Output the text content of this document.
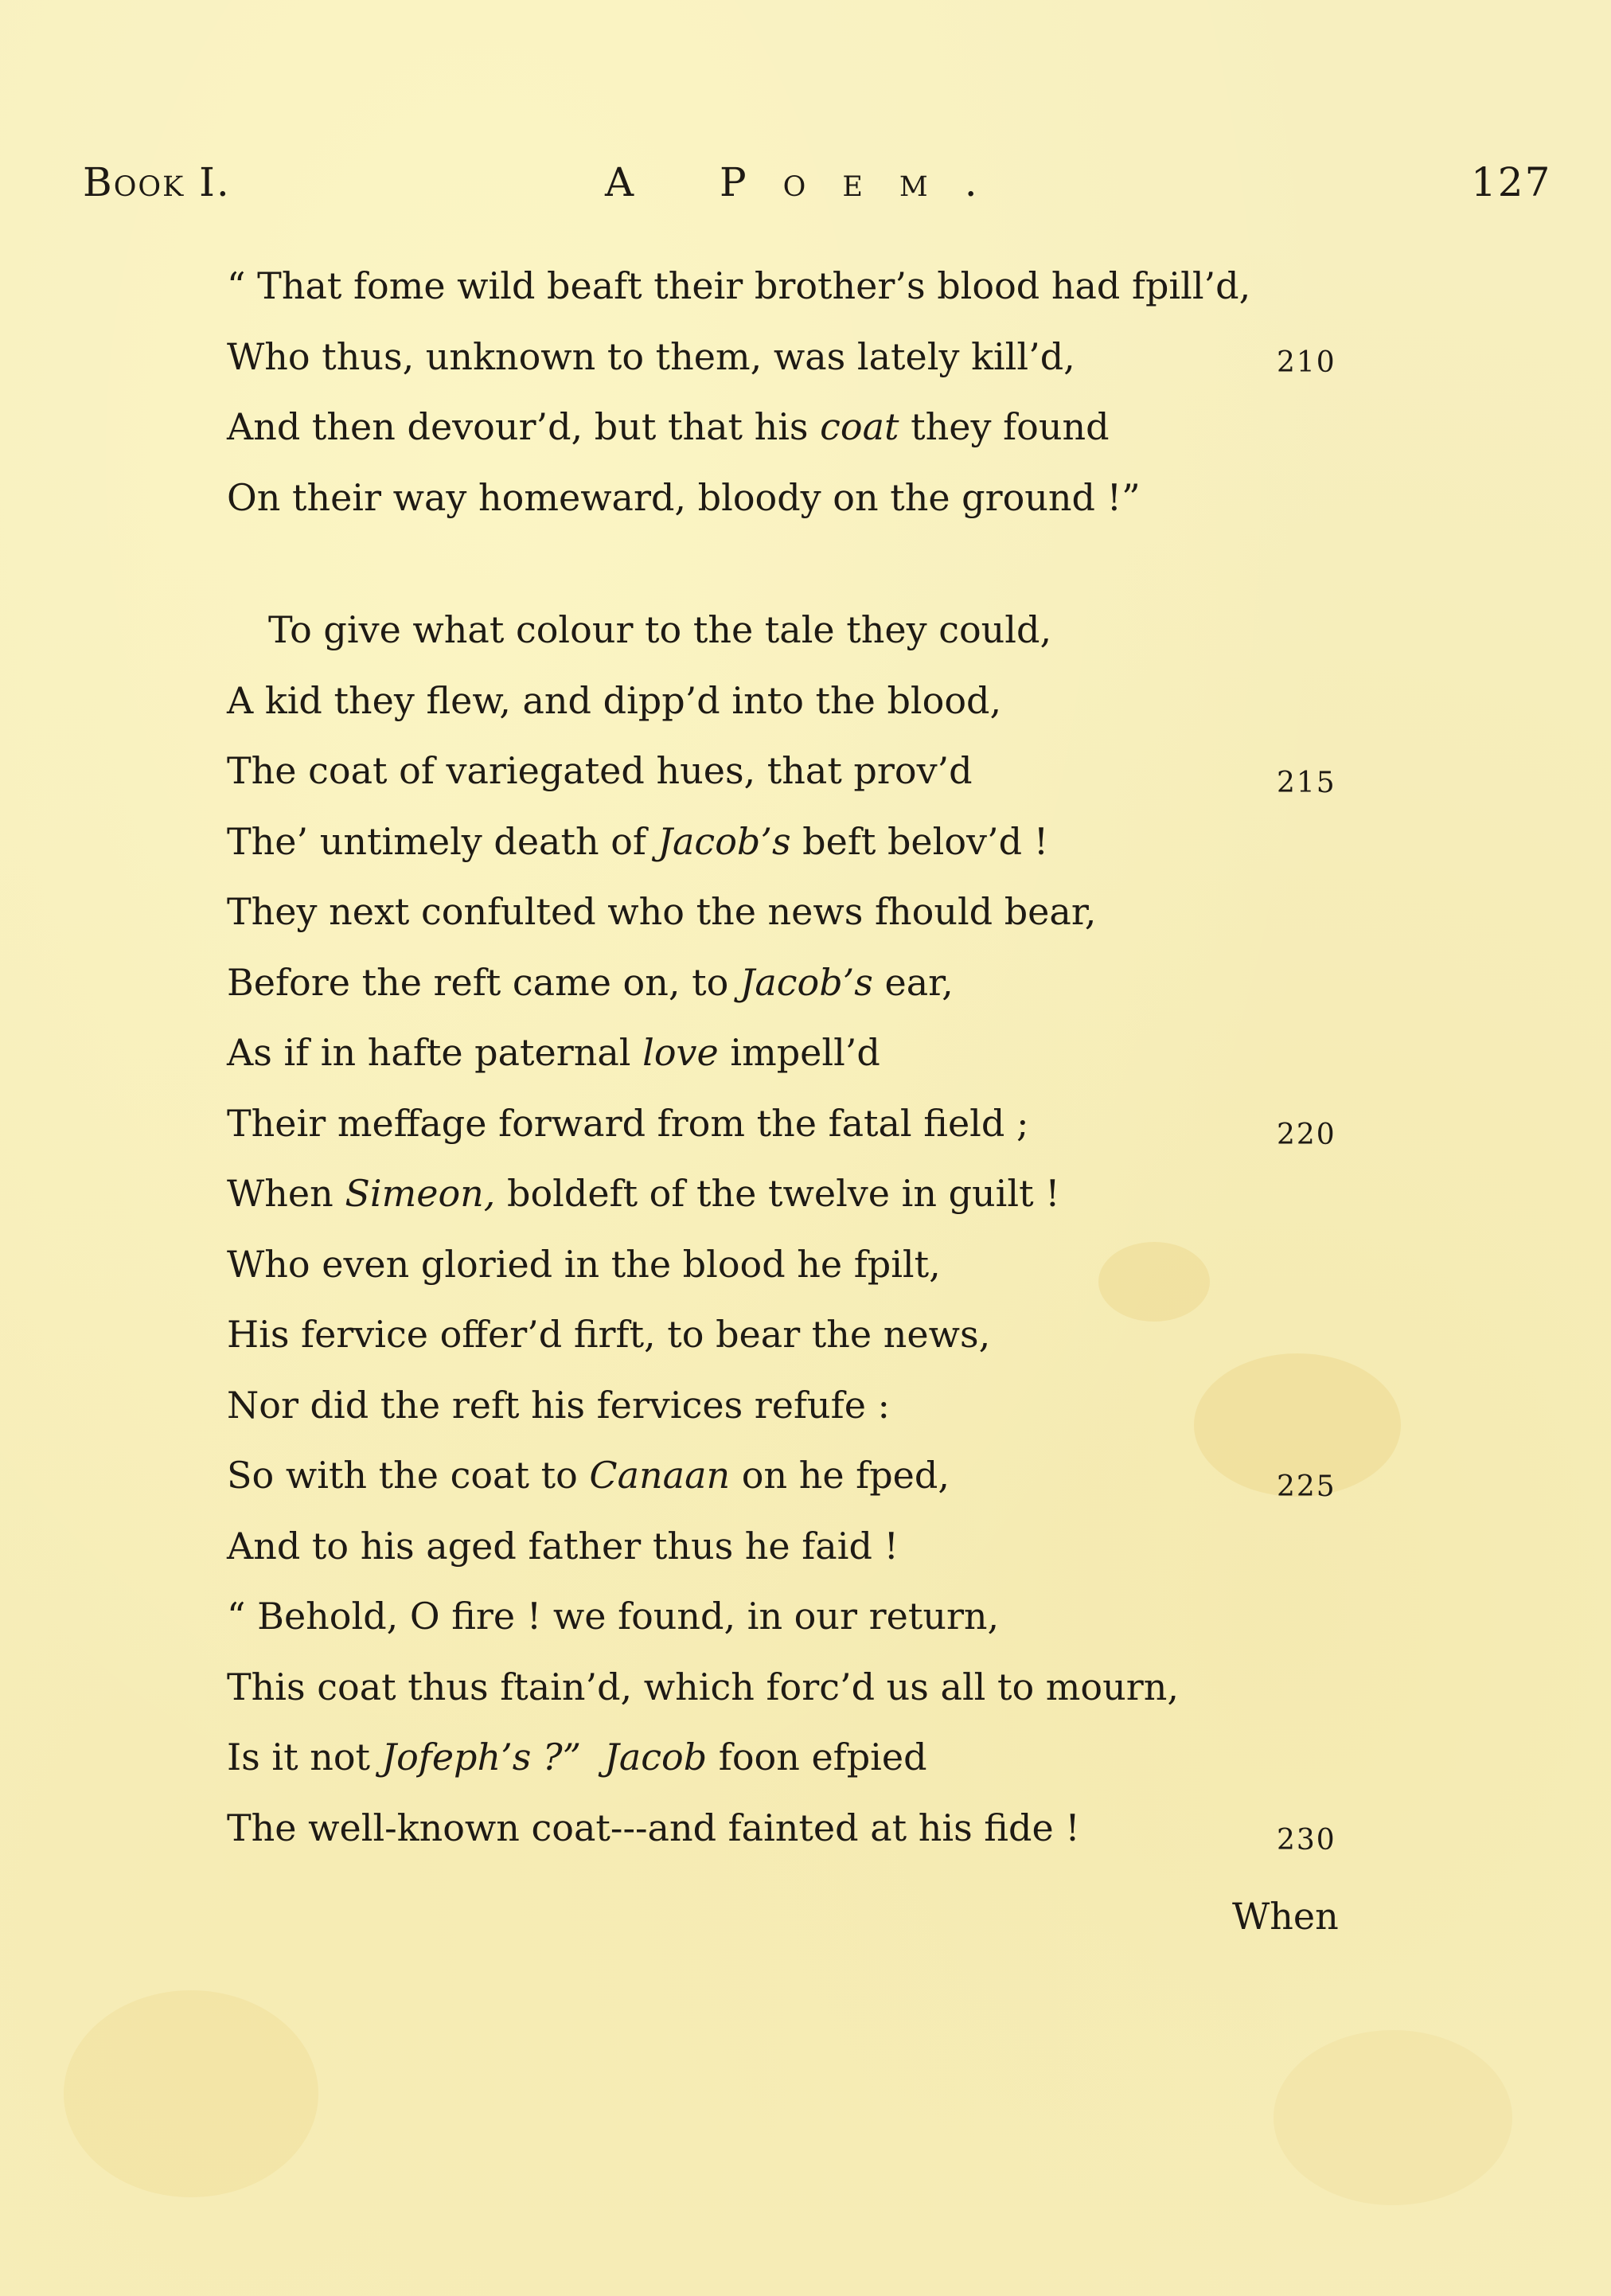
Book I.	A Poem.	127
“ That fome wild beaft their brother’s blood had fpill’d,
Who thus, unknown to them, was lately kill’d,
And then devour’d, but that his coat they found
On their way homeward, bloody on the ground !”
To give what colour to the tale they could,
A kid they flew, and dipp’d into the blood,
The coat of variegated hues, that prov’d
The’ untimely death of Jacob’s beft belov’d !
They next confulted who the news fhould bear,
Before the reft came on, to Jacob’s ear,
As if in hafte paternal love impell’d
Their meffage forward from the fatal field ;
When Simeon, boldeft of the twelve in guilt !
Who even gloried in the blood he fpilt,
His fervice offer’d firft, to bear the news,
Nor did the reft his fervices refufe :
So with the coat to Canaan on he fped,
And to his aged father thus he faid !
“ Behold, O fire ! we found, in our return,
This coat thus ftain’d, which forc’d us all to mourn,
Is it not Jofeph’s ?” Jacob foon efpied
The well-known coat---and fainted at his fide !
210
215
220
225
230
When
